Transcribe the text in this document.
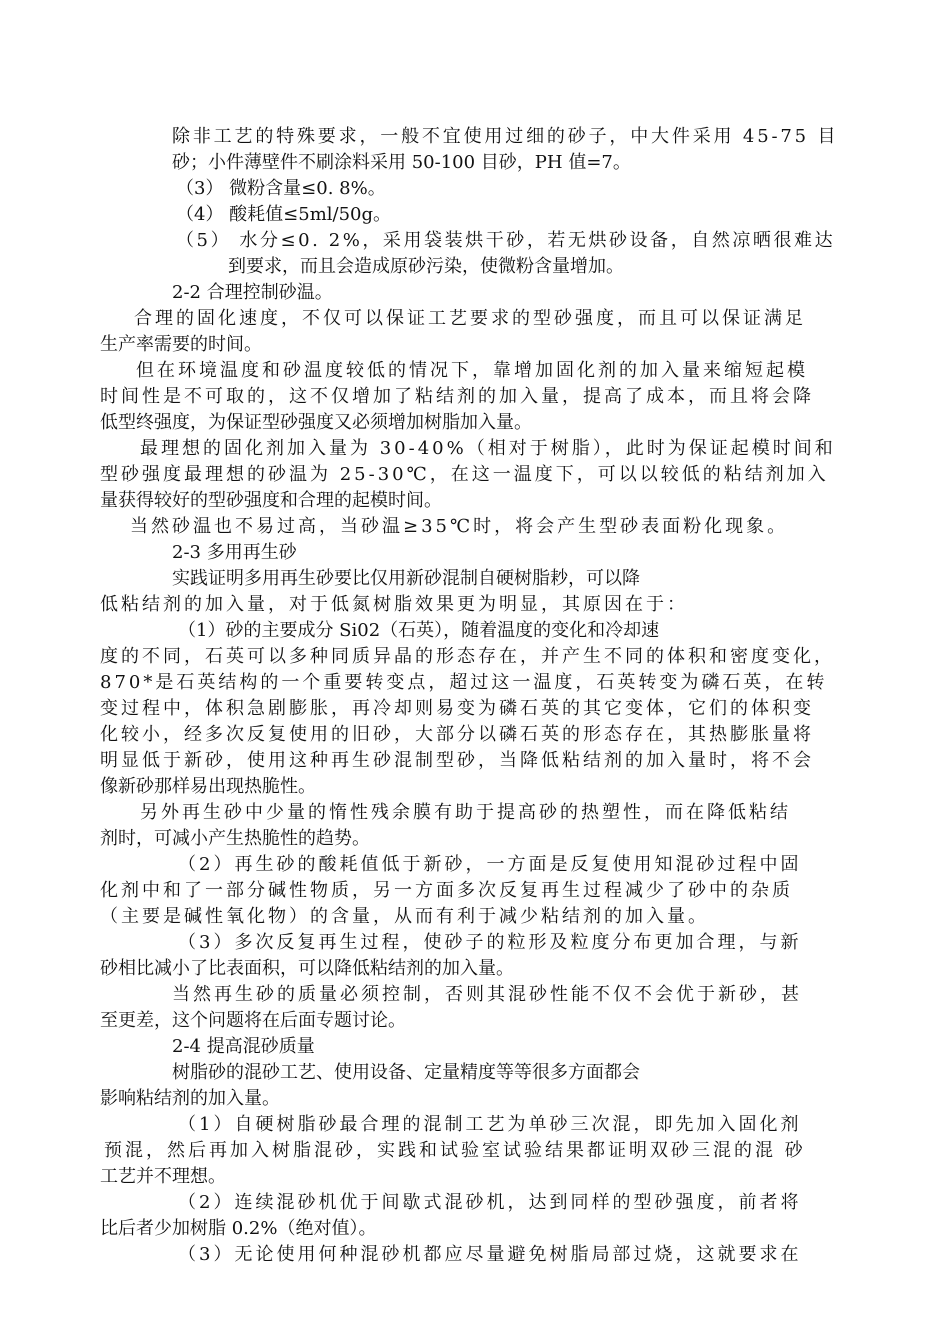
除非工艺的特殊要求，一般不宜使用过细的砂子，中大件采用 45-75 目
砂；小件薄壁件不刷涂料采用 50-100 目砂，PH 值=7。
（3） 微粉含量≤0. 8%。
（4） 酸耗值≤5ml/50g。
（5） 水分≤0. 2%，采用袋装烘干砂，若无烘砂设备，自然凉晒很难达
到要求，而且会造成原砂污染，使微粉含量增加。
2-2 合理控制砂温。
合理的固化速度，不仅可以保证工艺要求的型砂强度，而且可以保证满足
生产率需要的时间。
但在环境温度和砂温度较低的情况下，靠增加固化剂的加入量来缩短起模
时间性是不可取的，这不仅增加了粘结剂的加入量，提高了成本，而且将会降
低型终强度，为保证型砂强度又必须增加树脂加入量。
最理想的固化剂加入量为 30-40%（相对于树脂），此时为保证起模时间和
型砂强度最理想的砂温为 25-30℃，在这一温度下，可以以较低的粘结剂加入
量获得较好的型砂强度和合理的起模时间。
当然砂温也不易过高，当砂温≥35℃时，将会产生型砂表面粉化现象。
2-3 多用再生砂
实践证明多用再生砂要比仅用新砂混制自硬树脂耖，可以降
低粘结剂的加入量，对于低氮树脂效果更为明显，其原因在于：
（1）砂的主要成分 Si02（石英），随着温度的变化和冷却速
度的不同，石英可以多种同质异晶的形态存在，并产生不同的体积和密度变化，
870*是石英结构的一个重要转变点，超过这一温度，石英转变为磷石英，在转
变过程中，体积急剧膨胀，再冷却则易变为磷石英的其它变体，它们的体积变
化较小，经多次反复使用的旧砂，大部分以磷石英的形态存在，其热膨胀量将
明显低于新砂，使用这种再生砂混制型砂，当降低粘结剂的加入量时，将不会
像新砂那样易出现热脆性。
另外再生砂中少量的惰性残余膜有助于提高砂的热塑性，而在降低粘结
剂时，可减小产生热脆性的趋势。
（2）再生砂的酸耗值低于新砂，一方面是反复使用知混砂过程中固
化剂中和了一部分碱性物质，另一方面多次反复再生过程减少了砂中的杂质
（主要是碱性氧化物）的含量，从而有利于减少粘结剂的加入量。
（3）多次反复再生过程，使砂子的粒形及粒度分布更加合理，与新
砂相比减小了比表面积，可以降低粘结剂的加入量。
当然再生砂的质量必须控制，否则其混砂性能不仅不会优于新砂，甚
至更差，这个问题将在后面专题讨论。
2-4 提高混砂质量
树脂砂的混砂工艺、使用设备、定量精度等等很多方面都会
影响粘结剂的加入量。
（1）自硬树脂砂最合理的混制工艺为单砂三次混，即先加入固化剂
预混，然后再加入树脂混砂，实践和试验室试验结果都证明双砂三混的混 砂
工艺并不理想。
（2）连续混砂机优于间歇式混砂机，达到同样的型砂强度，前者将
比后者少加树脂 0.2%（绝对值）。
（3）无论使用何种混砂机都应尽量避免树脂局部过烧，这就要求在
